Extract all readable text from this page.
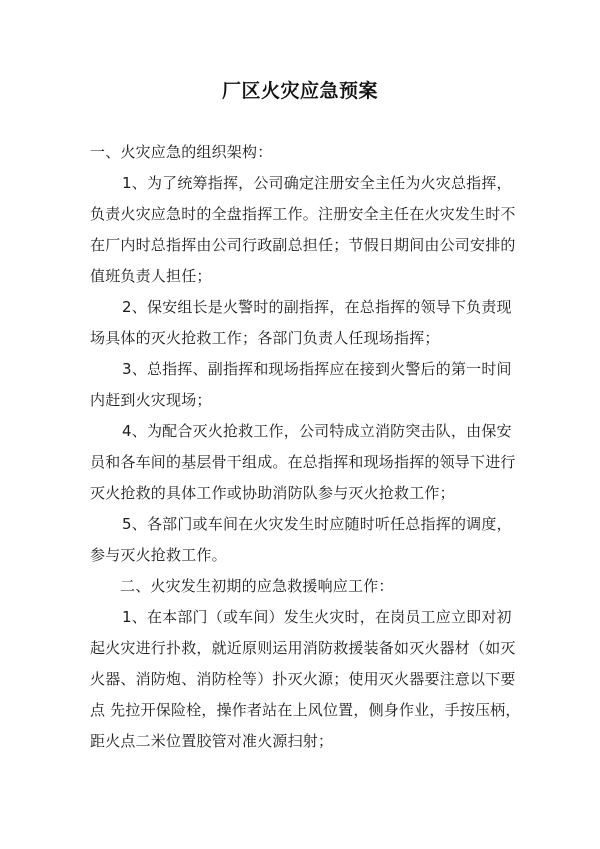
厂区火灾应急预案
一、火灾应急的组织架构：
1、为了统筹指挥，公司确定注册安全主任为火灾总指挥，
负责火灾应急时的全盘指挥工作。注册安全主任在火灾发生时不
在厂内时总指挥由公司行政副总担任；节假日期间由公司安排的
值班负责人担任；
2、保安组长是火警时的副指挥，在总指挥的领导下负责现
场具体的灭火抢救工作；各部门负责人任现场指挥；
3、总指挥、副指挥和现场指挥应在接到火警后的第一时间
内赶到火灾现场；
4、为配合灭火抢救工作，公司特成立消防突击队，由保安
员和各车间的基层骨干组成。在总指挥和现场指挥的领导下进行
灭火抢救的具体工作或协助消防队参与灭火抢救工作；
5、各部门或车间在火灾发生时应随时听任总指挥的调度，
参与灭火抢救工作。
二、火灾发生初期的应急救援响应工作：
1、在本部门（或车间）发生火灾时，在岗员工应立即对初
起火灾进行扑救，就近原则运用消防救援装备如灭火器材（如灭
火器、消防炮、消防栓等）扑灭火源；使用灭火器要注意以下要
点 先拉开保险栓，操作者站在上风位置，侧身作业，手按压柄，
距火点二米位置胶管对准火源扫射；
